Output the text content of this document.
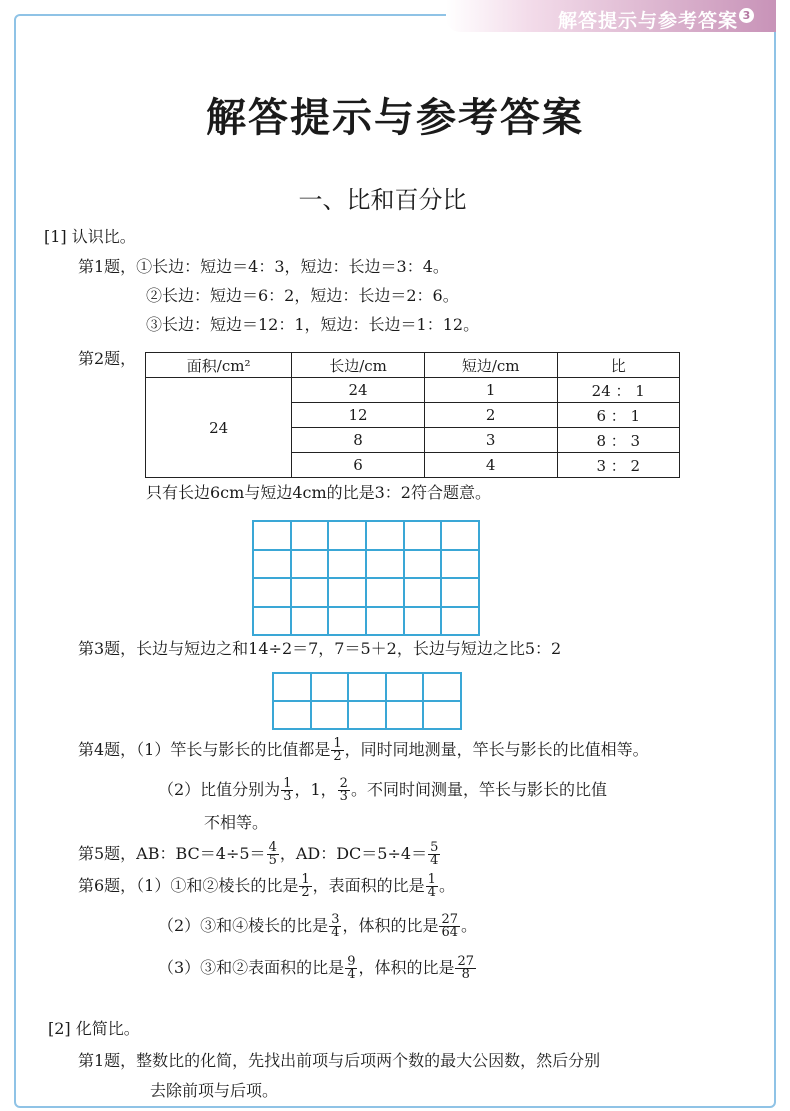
解答提示与参考答案 3
解答提示与参考答案
一、比和百分比
[1] 认识比。
第1题，①长边：短边＝4：3，短边：长边＝3：4。
②长边：短边＝6：2，短边：长边＝2：6。
③长边：短边＝12：1，短边：长边＝1：12。
第2题，	面积/cm²	长边/cm	短边/cm	比
24	24	1	24 ： 1
	12	2	6 ： 1
	8	3	8 ： 3
	6	4	3 ： 2
只有长边6cm与短边4cm的比是3：2符合题意。
第3题，长边与短边之和14÷2＝7，7＝5＋2，长边与短边之比5：2
第4题，（1）竿长与影长的比值都是 $\frac{1}{2}$ ，同时同地测量，竿长与影长的比值相等。
（2）比值分别为 $\frac{1}{3}$ ，1， $\frac{2}{3}$ 。不同时间测量，竿长与影长的比值
不相等。
第5题，AB：$BC=4\div 5= \frac{4}{5}$ ，AD：$DC=5\div 4= \frac{5}{4}$
第6题，（1）①和②棱长的比是 $\frac{1}{2}$ ，表面积的比是 $\frac{1}{4}$ 。
（2）③和④棱长的比是 $\frac{3}{4}$ ，体积的比是 $\frac{27}{64}$ 。
（3）③和②表面积的比是 $\frac{9}{4}$ ，体积的比是 $\frac{27}{8}$
[2] 化简比。
第1题，整数比的化简，先找出前项与后项两个数的最大公因数，然后分别
去除前项与后项。
